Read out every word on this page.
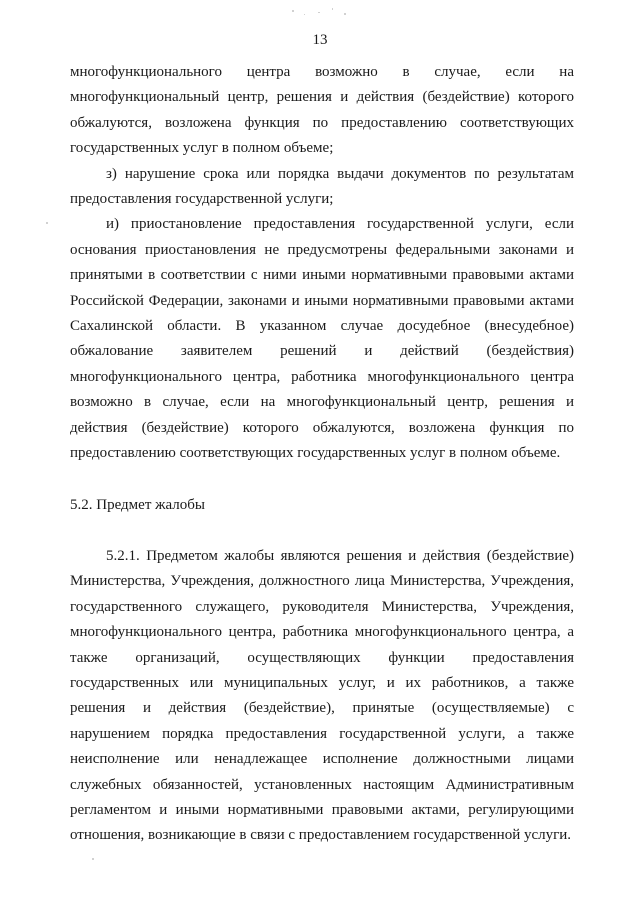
13

многофункционального центра возможно в случае, если на многофункциональный центр, решения и действия (бездействие) которого обжалуются, возложена функция по предоставлению соответствующих государственных услуг в полном объеме;

з) нарушение срока или порядка выдачи документов по результатам предоставления государственной услуги;

и) приостановление предоставления государственной услуги, если основания приостановления не предусмотрены федеральными законами и принятыми в соответствии с ними иными нормативными правовыми актами Российской Федерации, законами и иными нормативными правовыми актами Сахалинской области. В указанном случае досудебное (внесудебное) обжалование заявителем решений и действий (бездействия) многофункционального центра, работника многофункционального центра возможно в случае, если на многофункциональный центр, решения и действия (бездействие) которого обжалуются, возложена функция по предоставлению соответствующих государственных услуг в полном объеме.

5.2. Предмет жалобы

5.2.1. Предметом жалобы являются решения и действия (бездействие) Министерства, Учреждения, должностного лица Министерства, Учреждения, государственного служащего, руководителя Министерства, Учреждения, многофункционального центра, работника многофункционального центра, а также организаций, осуществляющих функции предоставления государственных или муниципальных услуг, и их работников, а также решения и действия (бездействие), принятые (осуществляемые) с нарушением порядка предоставления государственной услуги, а также неисполнение или ненадлежащее исполнение должностными лицами служебных обязанностей, установленных настоящим Административным регламентом и иными нормативными правовыми актами, регулирующими отношения, возникающие в связи с предоставлением государственной услуги.
